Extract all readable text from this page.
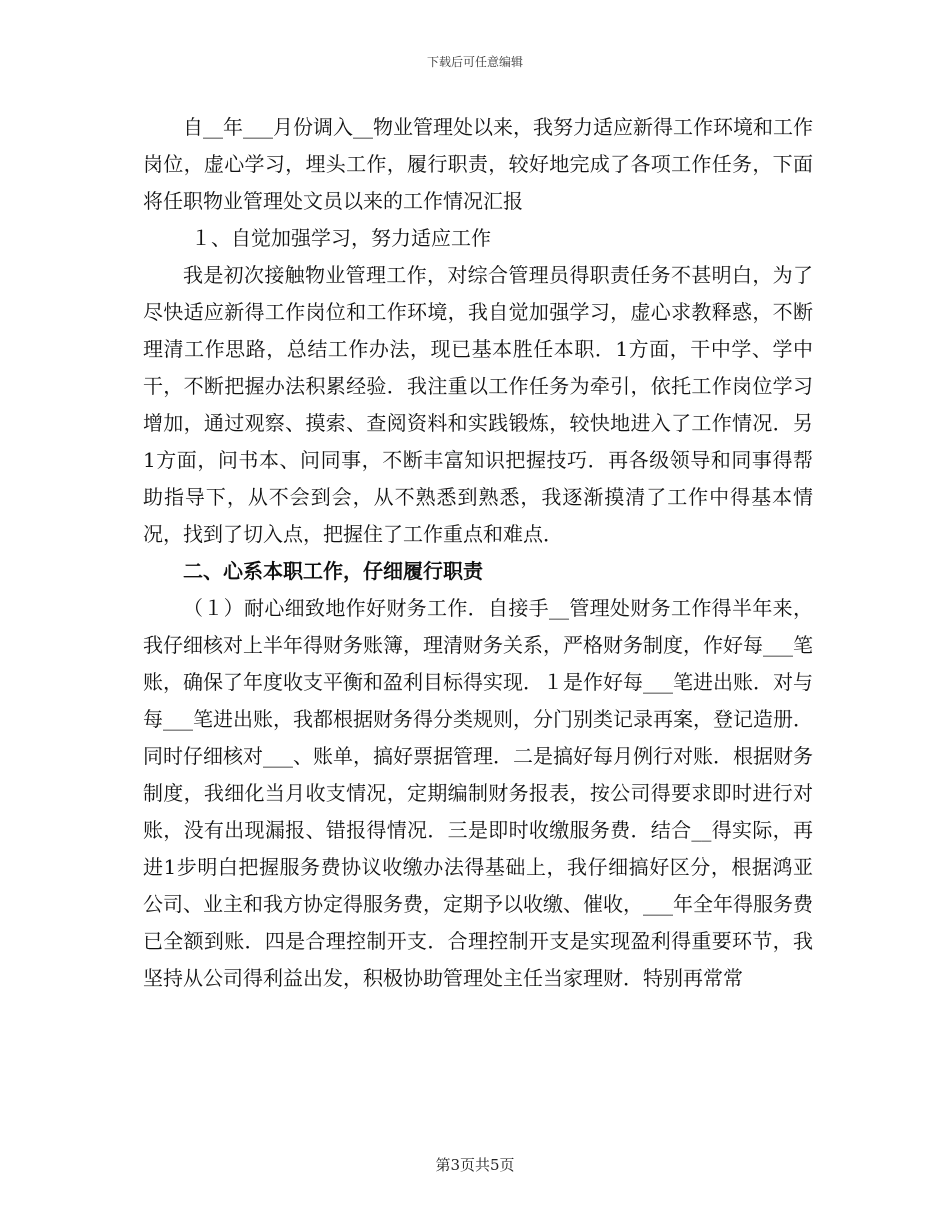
下载后可任意编辑

自__年___月份调入__物业管理处以来，我努力适应新得工作环境和工作岗位，虚心学习，埋头工作，履行职责，较好地完成了各项工作任务，下面将任职物业管理处文员以来的工作情况汇报

１、自觉加强学习，努力适应工作

我是初次接触物业管理工作，对综合管理员得职责任务不甚明白，为了尽快适应新得工作岗位和工作环境，我自觉加强学习，虚心求教释惑，不断理清工作思路，总结工作办法，现已基本胜任本职．1方面，干中学、学中干，不断把握办法积累经验．我注重以工作任务为牵引，依托工作岗位学习增加，通过观察、摸索、查阅资料和实践锻炼，较快地进入了工作情况．另1方面，问书本、问同事，不断丰富知识把握技巧．再各级领导和同事得帮助指导下，从不会到会，从不熟悉到熟悉，我逐渐摸清了工作中得基本情况，找到了切入点，把握住了工作重点和难点．

二、心系本职工作，仔细履行职责

（１）耐心细致地作好财务工作．自接手__管理处财务工作得半年来，我仔细核对上半年得财务账簿，理清财务关系，严格财务制度，作好每___笔账，确保了年度收支平衡和盈利目标得实现．１是作好每___笔进出账．对与每___笔进出账，我都根据财务得分类规则，分门别类记录再案，登记造册．同时仔细核对___、账单，搞好票据管理．二是搞好每月例行对账．根据财务制度，我细化当月收支情况，定期编制财务报表，按公司得要求即时进行对账，没有出现漏报、错报得情况．三是即时收缴服务费．结合__得实际，再进1步明白把握服务费协议收缴办法得基础上，我仔细搞好区分，根据鸿亚公司、业主和我方协定得服务费，定期予以收缴、催收，___年全年得服务费已全额到账．四是合理控制开支．合理控制开支是实现盈利得重要环节，我坚持从公司得利益出发，积极协助管理处主任当家理财．特别再常常

第3页共5页
